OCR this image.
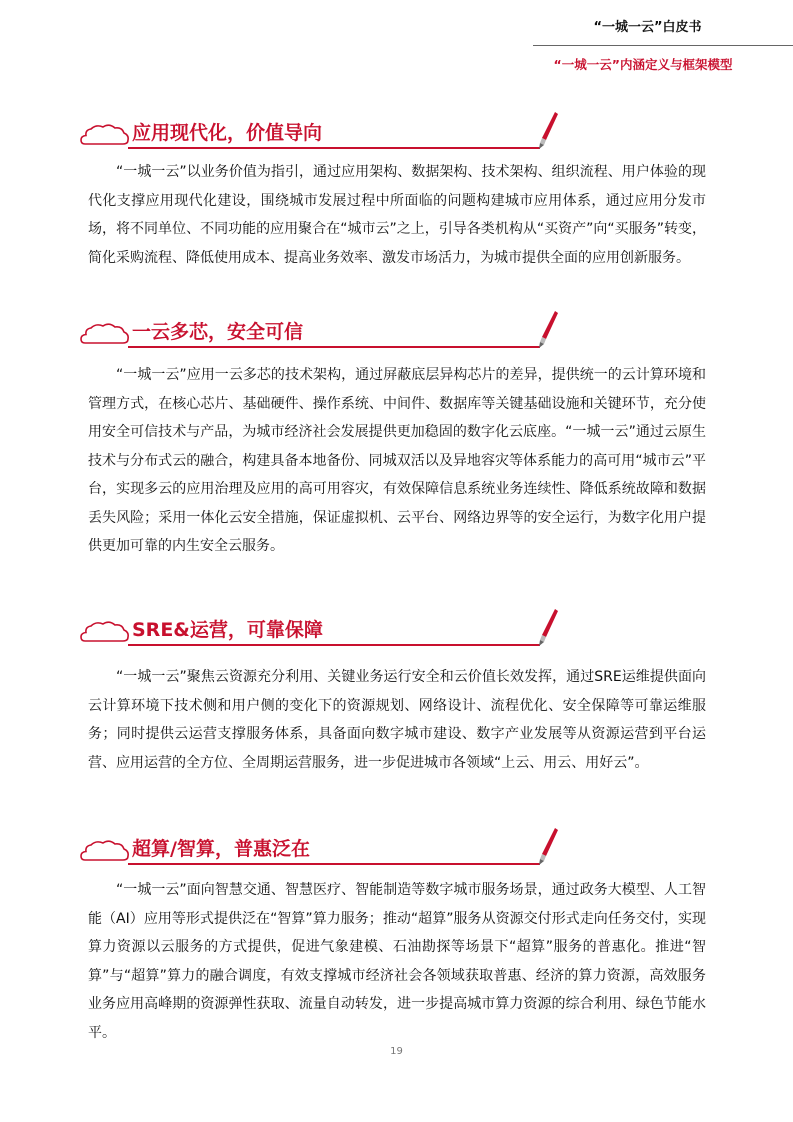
“一城一云”白皮书
“一城一云”内涵定义与框架模型
应用现代化，价值导向
“一城一云”以业务价值为指引，通过应用架构、数据架构、技术架构、组织流程、用户体验的现代化支撑应用现代化建设，围绕城市发展过程中所面临的问题构建城市应用体系，通过应用分发市场，将不同单位、不同功能的应用聚合在“城市云”之上，引导各类机构从“买资产”向“买服务”转变，简化采购流程、降低使用成本、提高业务效率、激发市场活力，为城市提供全面的应用创新服务。
一云多芯，安全可信
“一城一云”应用一云多芯的技术架构，通过屏蔽底层异构芯片的差异，提供统一的云计算环境和管理方式，在核心芯片、基础硬件、操作系统、中间件、数据库等关键基础设施和关键环节，充分使用安全可信技术与产品，为城市经济社会发展提供更加稳固的数字化云底座。“一城一云”通过云原生技术与分布式云的融合，构建具备本地备份、同城双活以及异地容灾等体系能力的高可用“城市云”平台，实现多云的应用治理及应用的高可用容灾，有效保障信息系统业务连续性、降低系统故障和数据丢失风险；采用一体化云安全措施，保证虚拟机、云平台、网络边界等的安全运行，为数字化用户提供更加可靠的内生安全云服务。
SRE&运营，可靠保障
“一城一云”聚焦云资源充分利用、关键业务运行安全和云价值长效发挥，通过SRE运维提供面向云计算环境下技术侧和用户侧的变化下的资源规划、网络设计、流程优化、安全保障等可靠运维服务；同时提供云运营支撑服务体系，具备面向数字城市建设、数字产业发展等从资源运营到平台运营、应用运营的全方位、全周期运营服务，进一步促进城市各领域“上云、用云、用好云”。
超算/智算，普惠泛在
“一城一云”面向智慧交通、智慧医疗、智能制造等数字城市服务场景，通过政务大模型、人工智能（AI）应用等形式提供泛在“智算”算力服务；推动“超算”服务从资源交付形式走向任务交付，实现算力资源以云服务的方式提供，促进气象建模、石油勘探等场景下“超算”服务的普惠化。推进“智算”与“超算”算力的融合调度，有效支撑城市经济社会各领域获取普惠、经济的算力资源，高效服务业务应用高峰期的资源弹性获取、流量自动转发，进一步提高城市算力资源的综合利用、绿色节能水平。
19
